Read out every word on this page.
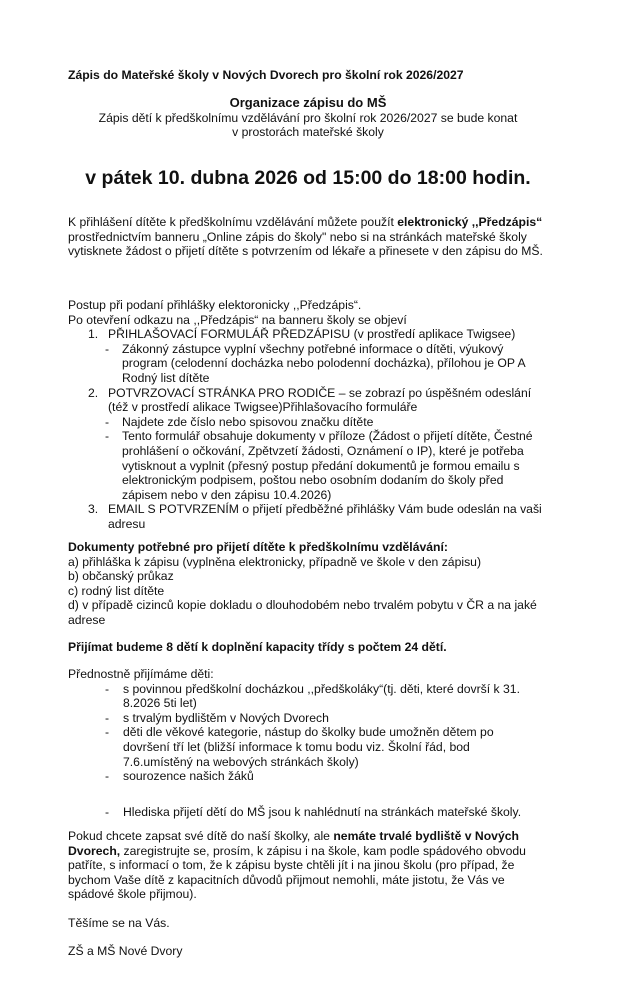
Zápis do Mateřské školy v Nových Dvorech pro školní rok 2026/2027
Organizace zápisu do MŠ
Zápis dětí k předškolnímu vzdělávání pro školní rok 2026/2027 se bude konat
v prostorách mateřské školy
v pátek 10. dubna 2026 od 15:00 do 18:00 hodin.
K přihlášení dítěte k předškolnímu vzdělávání můžete použít elektronický ,,Předzápis“ prostřednictvím banneru „Online zápis do školy" nebo si na stránkách mateřské školy vytisknete žádost o přijetí dítěte s potvrzením od lékaře a přinesete v den zápisu do MŠ.
Postup při podaní přihlášky elektoronicky ,,Předzápis“.
Po otevření odkazu na ,,Předzápis“ na banneru školy se objeví
1. PŘIHLAŠOVACÍ FORMULÁŘ PŘEDZÁPISU (v prostředí aplikace Twigsee)
-	Zákonný zástupce vyplní všechny potřebné informace o dítěti, výukový program (celodenní docházka nebo polodenní docházka), přílohou je OP A Rodný list dítěte
2. POTVRZOVACÍ STRÁNKA PRO RODIČE – se zobrazí po úspěšném odeslání (též v prostředí alikace Twigsee)Přihlašovacího formuláře
-	Najdete zde číslo nebo spisovou značku dítěte
-	Tento formulář obsahuje dokumenty v příloze (Žádost o přijetí dítěte, Čestné prohlášení o očkování, Zpětvzetí žádosti, Oznámení o IP), které je potřeba vytisknout a vyplnit (přesný postup předání dokumentů je formou emailu s elektronickým podpisem, poštou nebo osobním dodaním do školy před zápisem nebo v den zápisu 10.4.2026)
3. EMAIL S POTVRZENÍM o přijetí předběžné přihlášky Vám bude odeslán na vaši adresu
Dokumenty potřebné pro přijetí dítěte k předškolnímu vzdělávání:
a) přihláška k zápisu (vyplněna elektronicky, případně ve škole v den zápisu)
b) občanský průkaz
c) rodný list dítěte
d) v případě cizinců kopie dokladu o dlouhodobém nebo trvalém pobytu v ČR a na jaké adrese
Přijímat budeme 8 dětí k doplnění kapacity třídy s počtem 24 dětí.
Přednostně přijímáme děti:
-	s povinnou předškolní docházkou ,,předškoláky“(tj. děti, které dovrší k 31. 8.2026 5ti let)
-	s trvalým bydlištěm v Nových Dvorech
-	děti dle věkové kategorie, nástup do školky bude umožněn dětem po dovršení tří let (bližší informace k tomu bodu viz. Školní řád, bod 7.6.umístěný na webových stránkách školy)
-	sourozence našich žáků
-	Hlediska přijetí dětí do MŠ jsou k nahlédnutí na stránkách mateřské školy.
Pokud chcete zapsat své dítě do naší školky, ale nemáte trvalé bydliště v Nových Dvorech, zaregistrujte se, prosím, k zápisu i na škole, kam podle spádového obvodu patříte, s informací o tom, že k zápisu byste chtěli jít i na jinou školu (pro případ, že bychom Vaše dítě z kapacitních důvodů přijmout nemohli, máte jistotu, že Vás ve spádové škole přijmou).
Těšíme se na Vás.
ZŠ a MŠ Nové Dvory
